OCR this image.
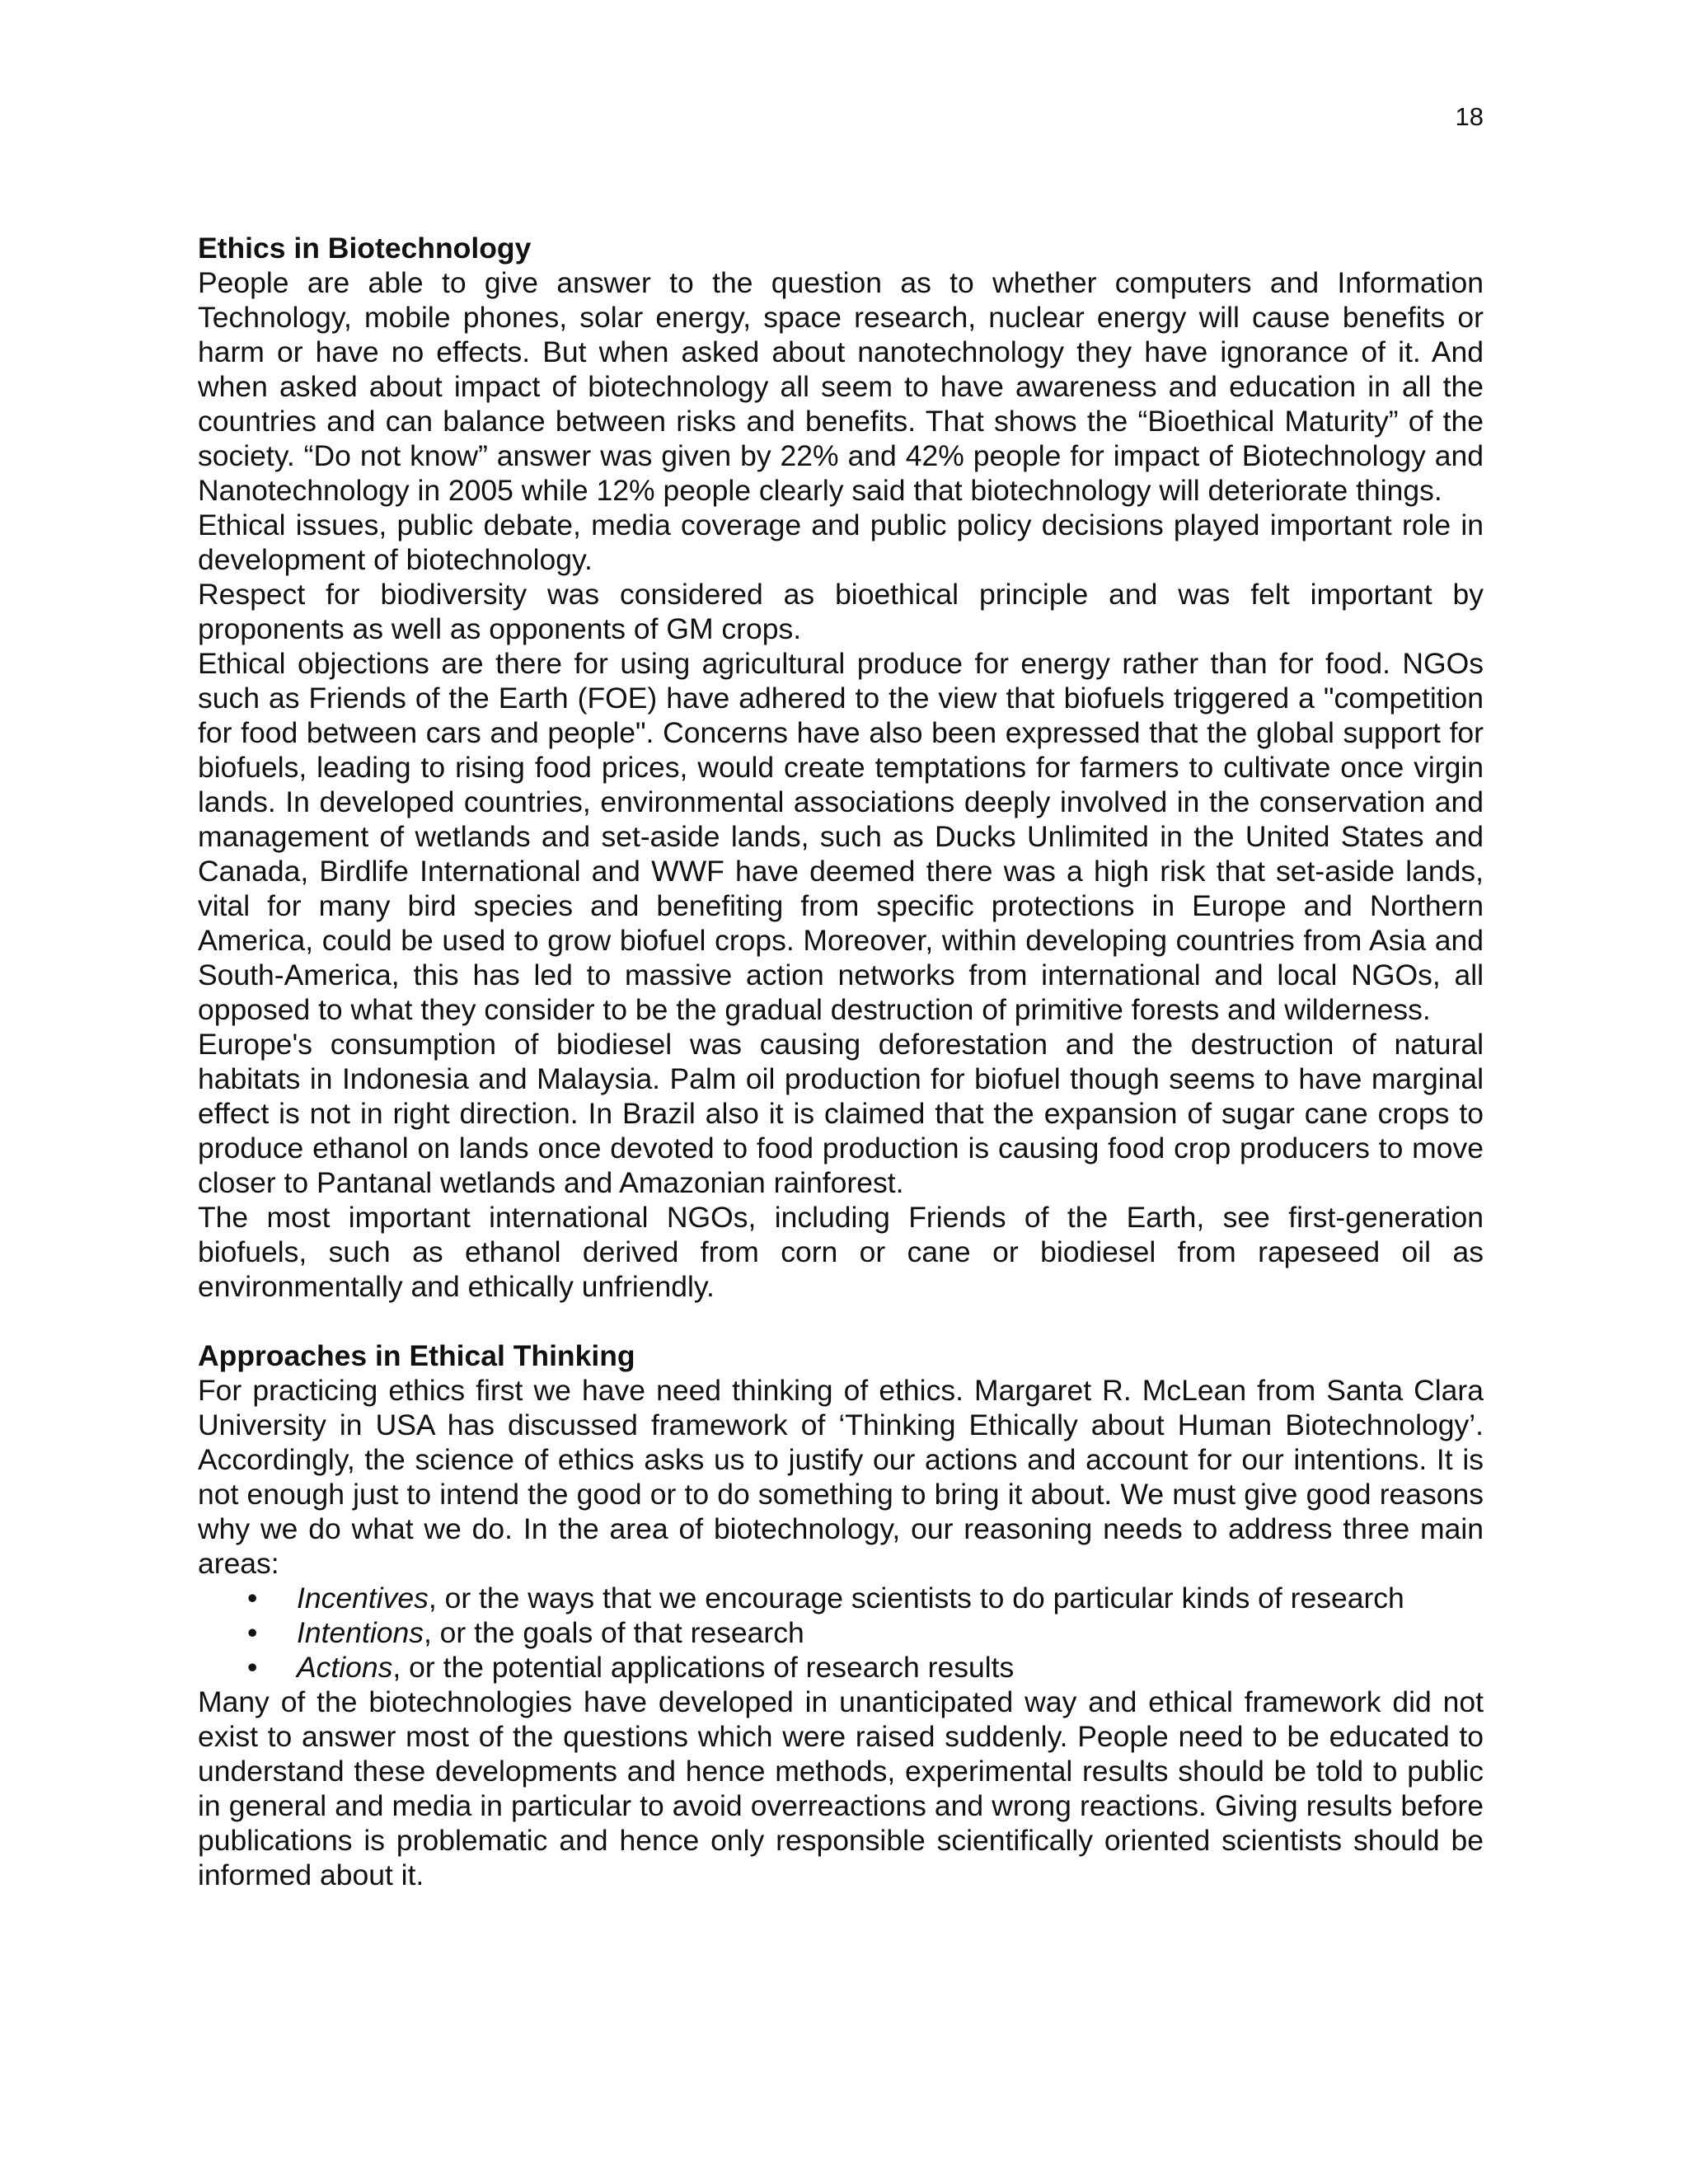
18
Ethics in Biotechnology

People are able to give answer to the question as to whether computers and Information Technology, mobile phones, solar energy, space research, nuclear energy will cause benefits or harm or have no effects. But when asked about nanotechnology they have ignorance of it. And when asked about impact of biotechnology all seem to have awareness and education in all the countries and can balance between risks and benefits. That shows the “Bioethical Maturity” of the society. “Do not know” answer was given by 22% and 42% people for impact of Biotechnology and Nanotechnology in 2005 while 12% people clearly said that biotechnology will deteriorate things.

Ethical issues, public debate, media coverage and public policy decisions played important role in development of biotechnology.

Respect for biodiversity was considered as bioethical principle and was felt important by proponents as well as opponents of GM crops.

Ethical objections are there for using agricultural produce for energy rather than for food. NGOs such as Friends of the Earth (FOE) have adhered to the view that biofuels triggered a "competition for food between cars and people". Concerns have also been expressed that the global support for biofuels, leading to rising food prices, would create temptations for farmers to cultivate once virgin lands. In developed countries, environmental associations deeply involved in the conservation and management of wetlands and set-aside lands, such as Ducks Unlimited in the United States and Canada, Birdlife International and WWF have deemed there was a high risk that set-aside lands, vital for many bird species and benefiting from specific protections in Europe and Northern America, could be used to grow biofuel crops. Moreover, within developing countries from Asia and South-America, this has led to massive action networks from international and local NGOs, all opposed to what they consider to be the gradual destruction of primitive forests and wilderness.

Europe's consumption of biodiesel was causing deforestation and the destruction of natural habitats in Indonesia and Malaysia. Palm oil production for biofuel though seems to have marginal effect is not in right direction. In Brazil also it is claimed that the expansion of sugar cane crops to produce ethanol on lands once devoted to food production is causing food crop producers to move closer to Pantanal wetlands and Amazonian rainforest.

The most important international NGOs, including Friends of the Earth, see first-generation biofuels, such as ethanol derived from corn or cane or biodiesel from rapeseed oil as environmentally and ethically unfriendly.

Approaches in Ethical Thinking

For practicing ethics first we have need thinking of ethics. Margaret R. McLean from Santa Clara University in USA has discussed framework of ‘Thinking Ethically about Human Biotechnology’. Accordingly, the science of ethics asks us to justify our actions and account for our intentions. It is not enough just to intend the good or to do something to bring it about. We must give good reasons why we do what we do. In the area of biotechnology, our reasoning needs to address three main areas:

• Incentives, or the ways that we encourage scientists to do particular kinds of research
• Intentions, or the goals of that research
• Actions, or the potential applications of research results

Many of the biotechnologies have developed in unanticipated way and ethical framework did not exist to answer most of the questions which were raised suddenly. People need to be educated to understand these developments and hence methods, experimental results should be told to public in general and media in particular to avoid overreactions and wrong reactions. Giving results before publications is problematic and hence only responsible scientifically oriented scientists should be informed about it.
